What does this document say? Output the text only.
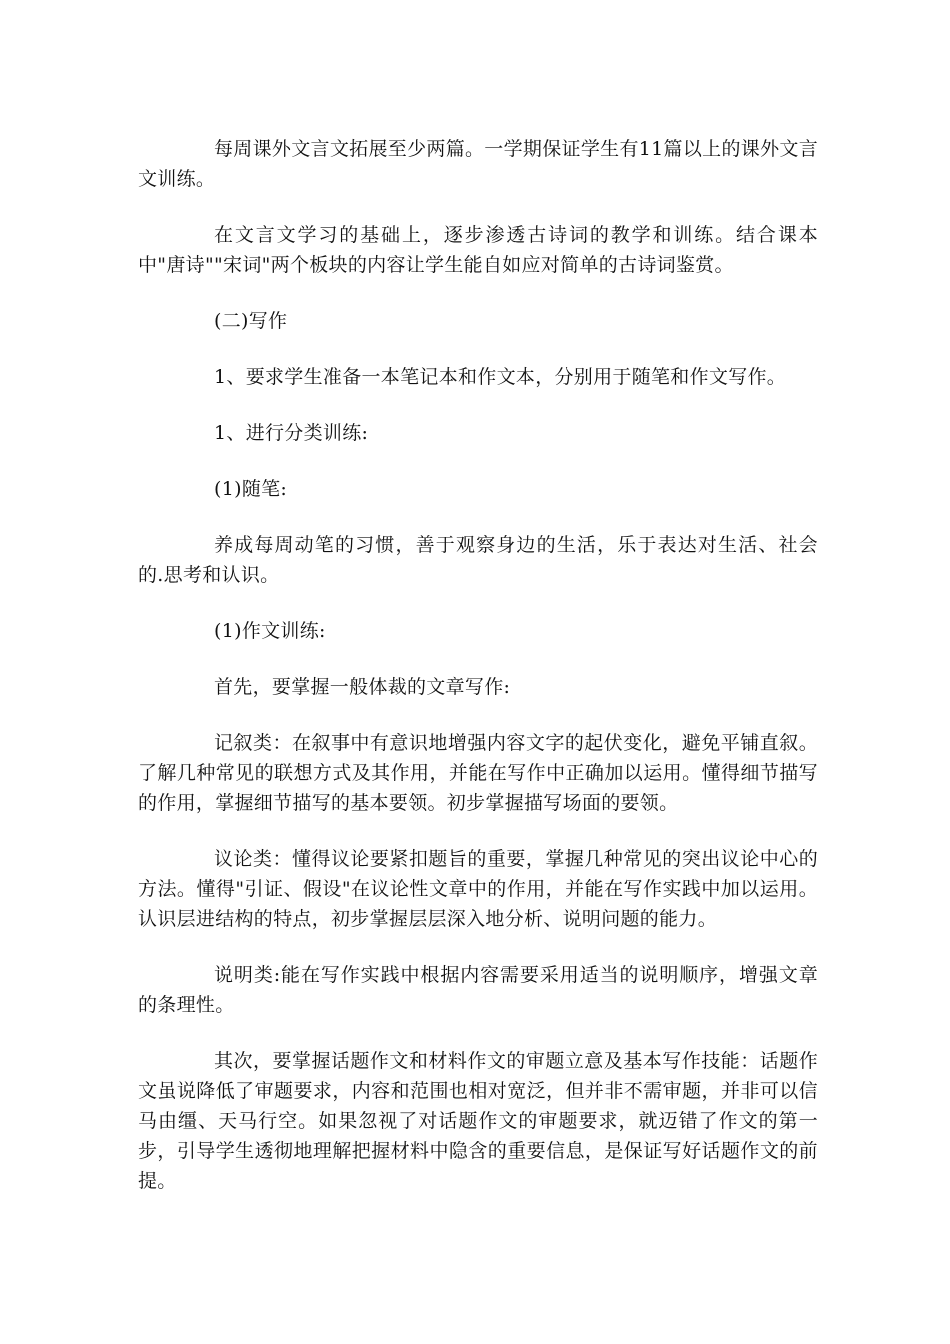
每周课外文言文拓展至少两篇。一学期保证学生有11篇以上的课外文言文训练。

在文言文学习的基础上，逐步渗透古诗词的教学和训练。结合课本中"唐诗""宋词"两个板块的内容让学生能自如应对简单的古诗词鉴赏。

(二)写作

1、要求学生准备一本笔记本和作文本，分别用于随笔和作文写作。

1、进行分类训练:

(1)随笔:

养成每周动笔的习惯，善于观察身边的生活，乐于表达对生活、社会的.思考和认识。

(1)作文训练:

首先，要掌握一般体裁的文章写作:

记叙类：在叙事中有意识地增强内容文字的起伏变化，避免平铺直叙。了解几种常见的联想方式及其作用，并能在写作中正确加以运用。懂得细节描写的作用，掌握细节描写的基本要领。初步掌握描写场面的要领。

议论类：懂得议论要紧扣题旨的重要，掌握几种常见的突出议论中心的方法。懂得"引证、假设"在议论性文章中的作用，并能在写作实践中加以运用。认识层进结构的特点，初步掌握层层深入地分析、说明问题的能力。

说明类:能在写作实践中根据内容需要采用适当的说明顺序，增强文章的条理性。

其次，要掌握话题作文和材料作文的审题立意及基本写作技能：话题作文虽说降低了审题要求，内容和范围也相对宽泛，但并非不需审题，并非可以信马由缰、天马行空。如果忽视了对话题作文的审题要求，就迈错了作文的第一步，引导学生透彻地理解把握材料中隐含的重要信息，是保证写好话题作文的前提。
